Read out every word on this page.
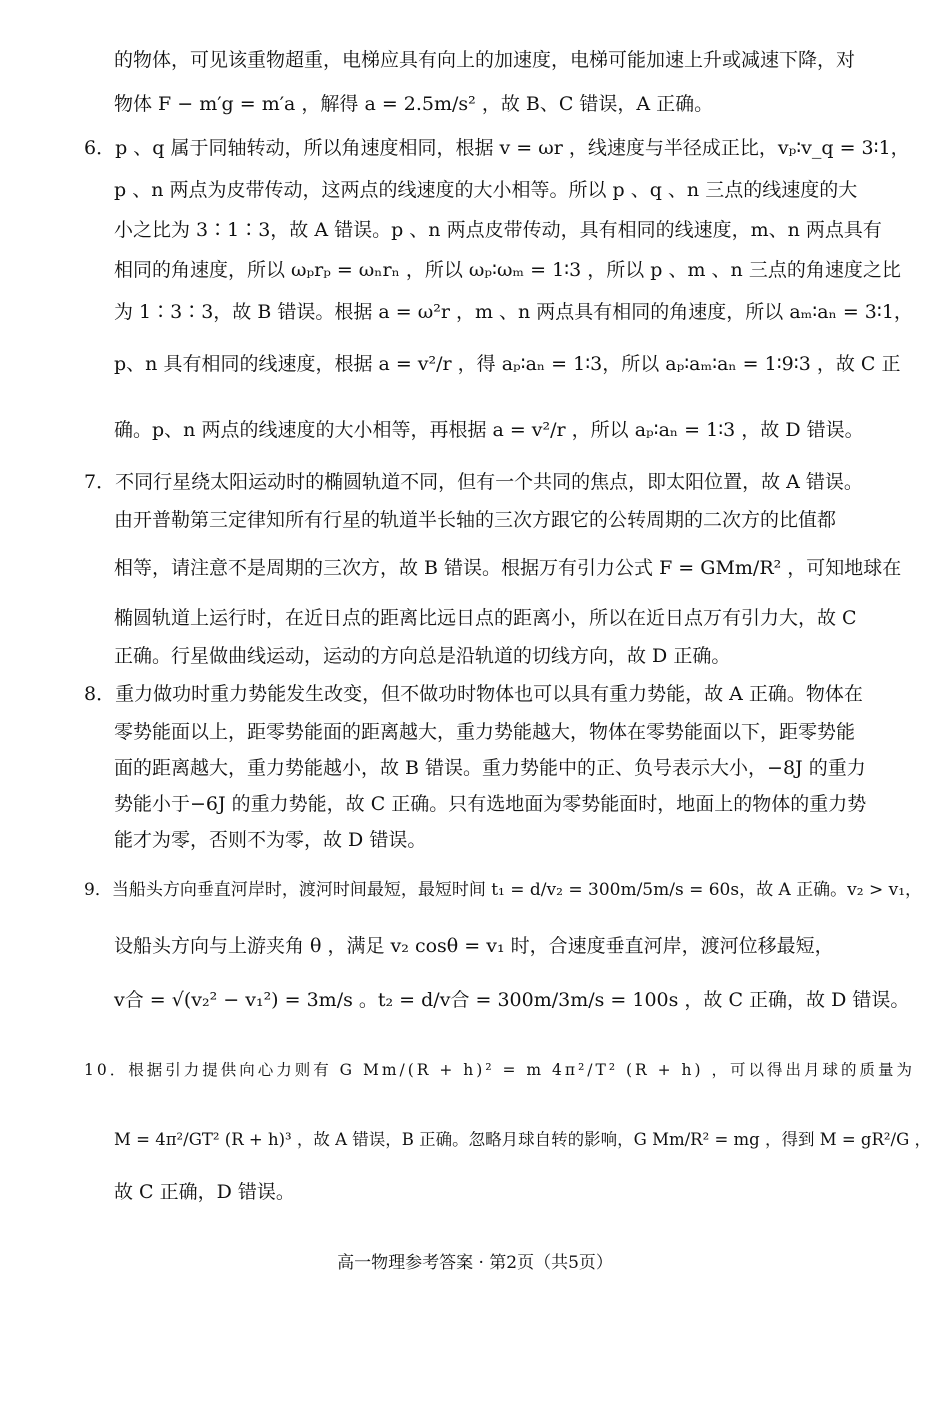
的物体，可见该重物超重，电梯应具有向上的加速度，电梯可能加速上升或减速下降，对
物体 F − m′g = m′a ，解得 a = 2.5m/s² ，故 B、C 错误，A 正确。
6．p 、q 属于同轴转动，所以角速度相同，根据 v = ωr ，线速度与半径成正比，vₚ∶v_q = 3∶1，
p 、n 两点为皮带传动，这两点的线速度的大小相等。所以 p 、q 、n 三点的线速度的大
小之比为 3∶1∶3，故 A 错误。p 、n 两点皮带传动，具有相同的线速度，m、n 两点具有
相同的角速度，所以 ωₚrₚ = ωₙrₙ ，所以 ωₚ∶ωₘ = 1∶3 ，所以 p 、m 、n 三点的角速度之比
为 1∶3∶3，故 B 错误。根据 a = ω²r ，m 、n 两点具有相同的角速度，所以 aₘ∶aₙ = 3∶1，
p、n 具有相同的线速度，根据 a = v²/r ，得 aₚ∶aₙ = 1∶3，所以 aₚ∶aₘ∶aₙ = 1∶9∶3 ，故 C 正
确。p、n 两点的线速度的大小相等，再根据 a = v²/r ，所以 aₚ∶aₙ = 1∶3 ，故 D 错误。
7．不同行星绕太阳运动时的椭圆轨道不同，但有一个共同的焦点，即太阳位置，故 A 错误。
由开普勒第三定律知所有行星的轨道半长轴的三次方跟它的公转周期的二次方的比值都
相等，请注意不是周期的三次方，故 B 错误。根据万有引力公式 F = GMm/R² ，可知地球在
椭圆轨道上运行时，在近日点的距离比远日点的距离小，所以在近日点万有引力大，故 C
正确。行星做曲线运动，运动的方向总是沿轨道的切线方向，故 D 正确。
8．重力做功时重力势能发生改变，但不做功时物体也可以具有重力势能，故 A 正确。物体在
零势能面以上，距零势能面的距离越大，重力势能越大，物体在零势能面以下，距零势能
面的距离越大，重力势能越小，故 B 错误。重力势能中的正、负号表示大小，−8J 的重力
势能小于−6J 的重力势能，故 C 正确。只有选地面为零势能面时，地面上的物体的重力势
能才为零，否则不为零，故 D 错误。
9．当船头方向垂直河岸时，渡河时间最短，最短时间 t₁ = d/v₂ = 300m/5m/s = 60s，故 A 正确。v₂ > v₁，
设船头方向与上游夹角 θ ，满足 v₂ cosθ = v₁ 时，合速度垂直河岸，渡河位移最短，
v合 = √(v₂² − v₁²) = 3m/s 。t₂ = d/v合 = 300m/3m/s = 100s ，故 C 正确，故 D 错误。
10．根据引力提供向心力则有 G Mm/(R + h)² = m 4π²/T² (R + h) ，可以得出月球的质量为
M = 4π²/GT² (R + h)³ ，故 A 错误，B 正确。忽略月球自转的影响，G Mm/R² = mg ，得到 M = gR²/G ，
故 C 正确，D 错误。
高一物理参考答案 · 第2页（共5页）
